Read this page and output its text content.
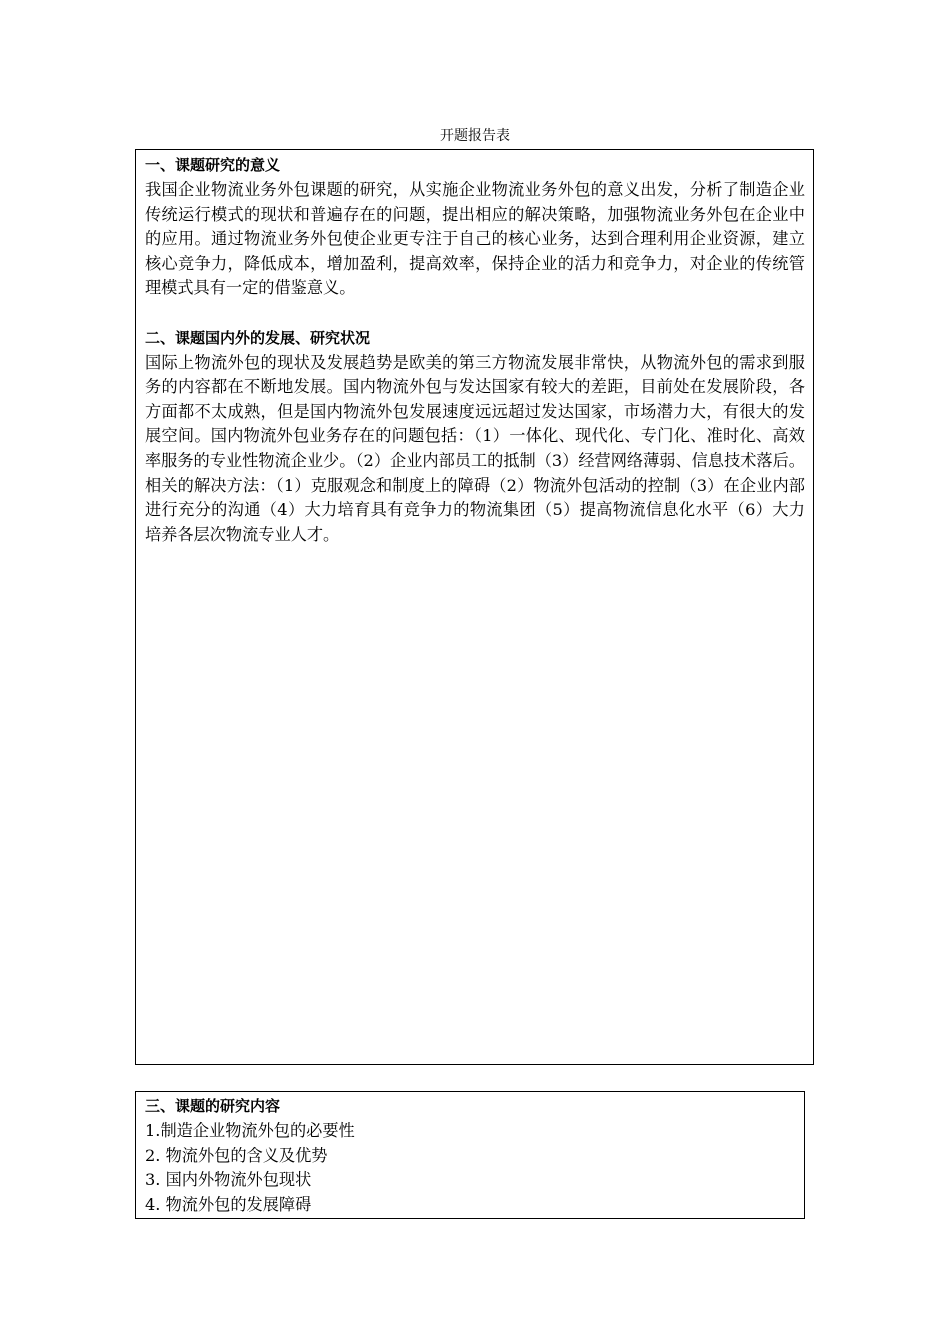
开题报告表
一、课题研究的意义
我国企业物流业务外包课题的研究，从实施企业物流业务外包的意义出发，分析了制造企业传统运行模式的现状和普遍存在的问题，提出相应的解决策略，加强物流业务外包在企业中的应用。通过物流业务外包使企业更专注于自己的核心业务，达到合理利用企业资源，建立核心竞争力，降低成本，增加盈利，提高效率，保持企业的活力和竞争力，对企业的传统管理模式具有一定的借鉴意义。
二、课题国内外的发展、研究状况
国际上物流外包的现状及发展趋势是欧美的第三方物流发展非常快，从物流外包的需求到服务的内容都在不断地发展。国内物流外包与发达国家有较大的差距，目前处在发展阶段，各方面都不太成熟，但是国内物流外包发展速度远远超过发达国家，市场潜力大，有很大的发展空间。国内物流外包业务存在的问题包括：（1）一体化、现代化、专门化、准时化、高效率服务的专业性物流企业少。（2）企业内部员工的抵制（3）经营网络薄弱、信息技术落后。相关的解决方法：（1）克服观念和制度上的障碍（2）物流外包活动的控制（3）在企业内部进行充分的沟通（4）大力培育具有竞争力的物流集团（5）提高物流信息化水平（6）大力培养各层次物流专业人才。
三、课题的研究内容
1.制造企业物流外包的必要性
2. 物流外包的含义及优势
3. 国内外物流外包现状
4. 物流外包的发展障碍
